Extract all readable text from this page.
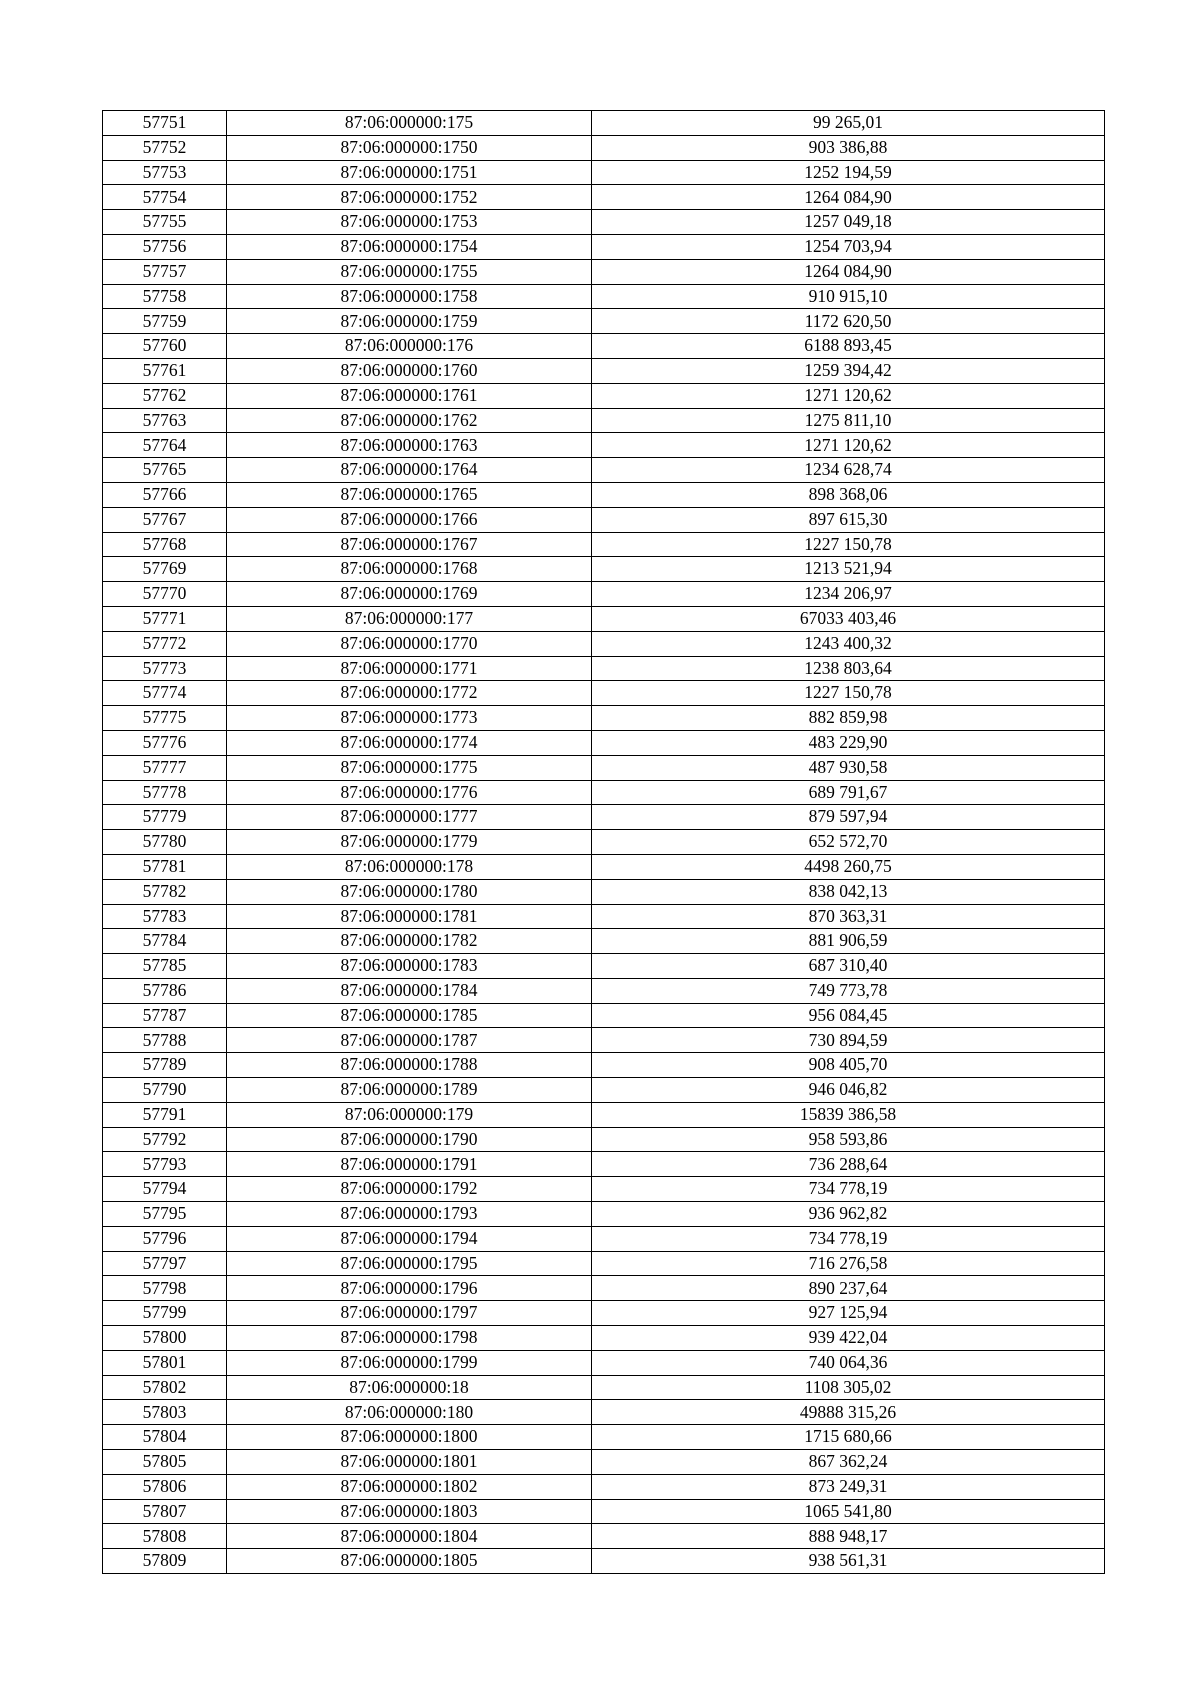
57751	87:06:000000:175	99 265,01
57752	87:06:000000:1750	903 386,88
57753	87:06:000000:1751	1252 194,59
57754	87:06:000000:1752	1264 084,90
57755	87:06:000000:1753	1257 049,18
57756	87:06:000000:1754	1254 703,94
57757	87:06:000000:1755	1264 084,90
57758	87:06:000000:1758	910 915,10
57759	87:06:000000:1759	1172 620,50
57760	87:06:000000:176	6188 893,45
57761	87:06:000000:1760	1259 394,42
57762	87:06:000000:1761	1271 120,62
57763	87:06:000000:1762	1275 811,10
57764	87:06:000000:1763	1271 120,62
57765	87:06:000000:1764	1234 628,74
57766	87:06:000000:1765	898 368,06
57767	87:06:000000:1766	897 615,30
57768	87:06:000000:1767	1227 150,78
57769	87:06:000000:1768	1213 521,94
57770	87:06:000000:1769	1234 206,97
57771	87:06:000000:177	67033 403,46
57772	87:06:000000:1770	1243 400,32
57773	87:06:000000:1771	1238 803,64
57774	87:06:000000:1772	1227 150,78
57775	87:06:000000:1773	882 859,98
57776	87:06:000000:1774	483 229,90
57777	87:06:000000:1775	487 930,58
57778	87:06:000000:1776	689 791,67
57779	87:06:000000:1777	879 597,94
57780	87:06:000000:1779	652 572,70
57781	87:06:000000:178	4498 260,75
57782	87:06:000000:1780	838 042,13
57783	87:06:000000:1781	870 363,31
57784	87:06:000000:1782	881 906,59
57785	87:06:000000:1783	687 310,40
57786	87:06:000000:1784	749 773,78
57787	87:06:000000:1785	956 084,45
57788	87:06:000000:1787	730 894,59
57789	87:06:000000:1788	908 405,70
57790	87:06:000000:1789	946 046,82
57791	87:06:000000:179	15839 386,58
57792	87:06:000000:1790	958 593,86
57793	87:06:000000:1791	736 288,64
57794	87:06:000000:1792	734 778,19
57795	87:06:000000:1793	936 962,82
57796	87:06:000000:1794	734 778,19
57797	87:06:000000:1795	716 276,58
57798	87:06:000000:1796	890 237,64
57799	87:06:000000:1797	927 125,94
57800	87:06:000000:1798	939 422,04
57801	87:06:000000:1799	740 064,36
57802	87:06:000000:18	1108 305,02
57803	87:06:000000:180	49888 315,26
57804	87:06:000000:1800	1715 680,66
57805	87:06:000000:1801	867 362,24
57806	87:06:000000:1802	873 249,31
57807	87:06:000000:1803	1065 541,80
57808	87:06:000000:1804	888 948,17
57809	87:06:000000:1805	938 561,31
